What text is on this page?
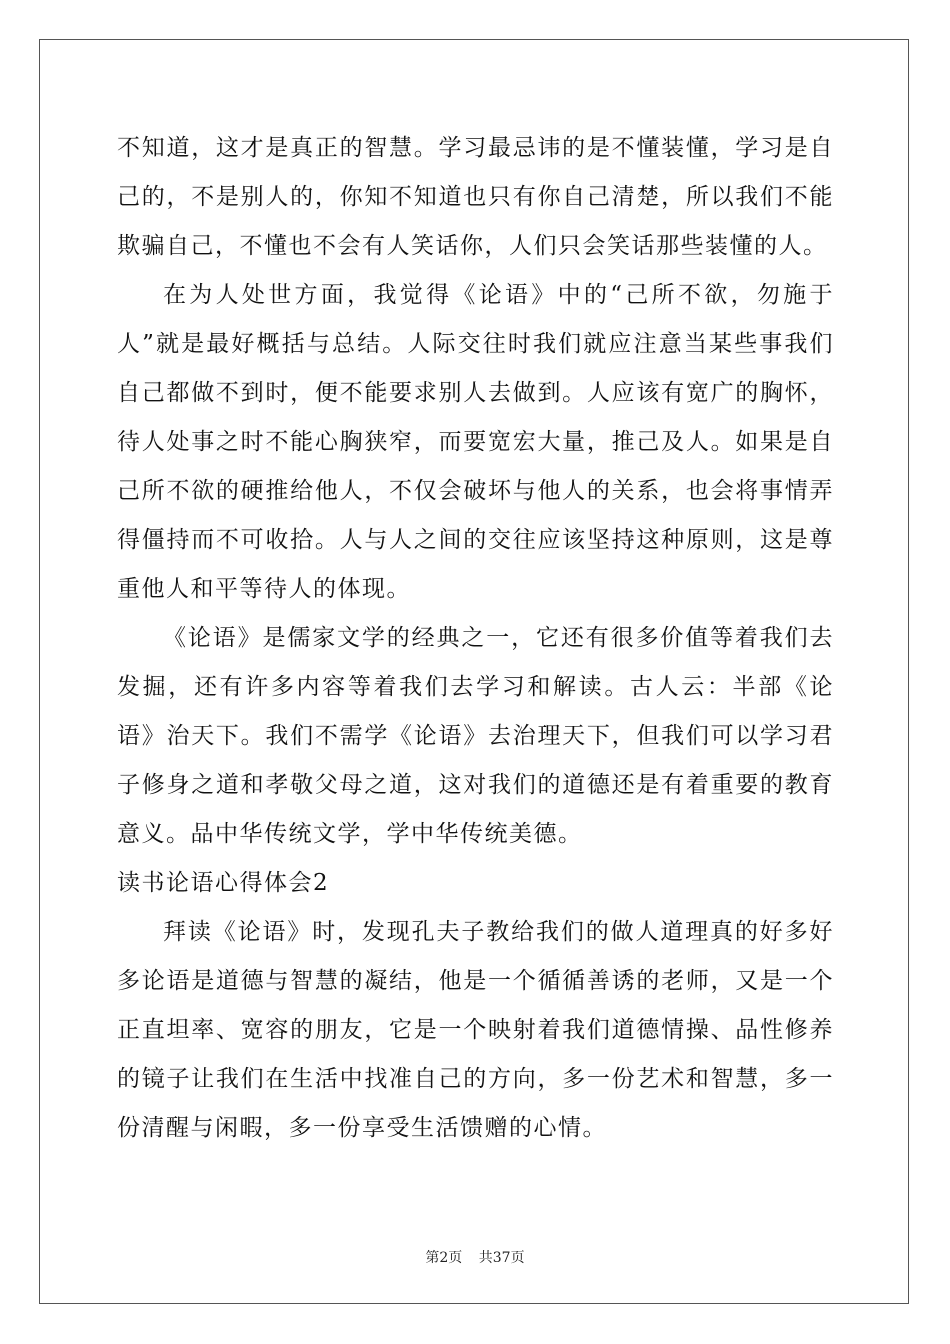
不知道，这才是真正的智慧。学习最忌讳的是不懂装懂，学习是自己的，不是别人的，你知不知道也只有你自己清楚，所以我们不能欺骗自己，不懂也不会有人笑话你，人们只会笑话那些装懂的人。

在为人处世方面，我觉得《论语》中的“己所不欲，勿施于人”就是最好概括与总结。人际交往时我们就应注意当某些事我们自己都做不到时，便不能要求别人去做到。人应该有宽广的胸怀，待人处事之时不能心胸狭窄，而要宽宏大量，推己及人。如果是自己所不欲的硬推给他人，不仅会破坏与他人的关系，也会将事情弄得僵持而不可收拾。人与人之间的交往应该坚持这种原则，这是尊重他人和平等待人的体现。

《论语》是儒家文学的经典之一，它还有很多价值等着我们去发掘，还有许多内容等着我们去学习和解读。古人云：半部《论语》治天下。我们不需学《论语》去治理天下，但我们可以学习君子修身之道和孝敬父母之道，这对我们的道德还是有着重要的教育意义。品中华传统文学，学中华传统美德。

读书论语心得体会2

拜读《论语》时，发现孔夫子教给我们的做人道理真的好多好多论语是道德与智慧的凝结，他是一个循循善诱的老师，又是一个正直坦率、宽容的朋友，它是一个映射着我们道德情操、品性修养的镜子让我们在生活中找准自己的方向，多一份艺术和智慧，多一份清醒与闲暇，多一份享受生活馈赠的心情。

第2页 共37页
